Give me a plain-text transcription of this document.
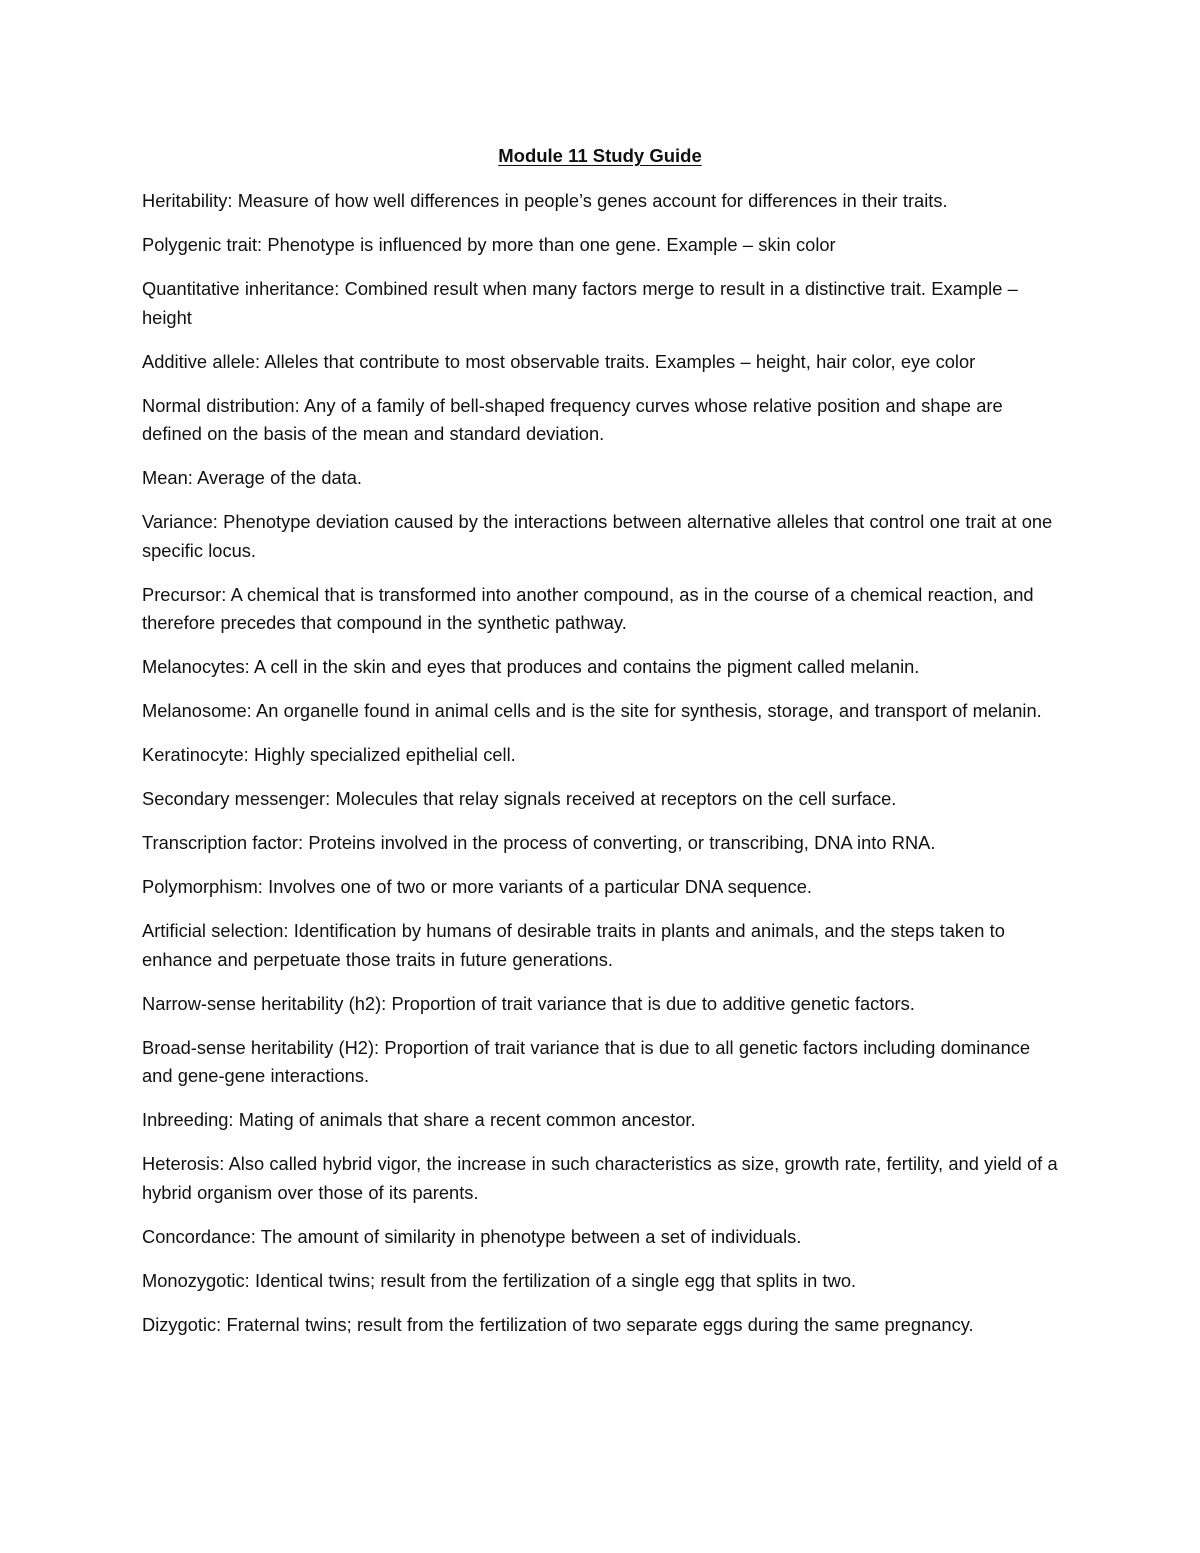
Module 11 Study Guide

Heritability: Measure of how well differences in people’s genes account for differences in their traits.

Polygenic trait: Phenotype is influenced by more than one gene. Example – skin color

Quantitative inheritance: Combined result when many factors merge to result in a distinctive trait. Example – height

Additive allele: Alleles that contribute to most observable traits. Examples – height, hair color, eye color

Normal distribution: Any of a family of bell-shaped frequency curves whose relative position and shape are defined on the basis of the mean and standard deviation.

Mean: Average of the data.

Variance: Phenotype deviation caused by the interactions between alternative alleles that control one trait at one specific locus.

Precursor: A chemical that is transformed into another compound, as in the course of a chemical reaction, and therefore precedes that compound in the synthetic pathway.

Melanocytes: A cell in the skin and eyes that produces and contains the pigment called melanin.

Melanosome: An organelle found in animal cells and is the site for synthesis, storage, and transport of melanin.

Keratinocyte: Highly specialized epithelial cell.

Secondary messenger: Molecules that relay signals received at receptors on the cell surface.

Transcription factor: Proteins involved in the process of converting, or transcribing, DNA into RNA.

Polymorphism: Involves one of two or more variants of a particular DNA sequence.

Artificial selection: Identification by humans of desirable traits in plants and animals, and the steps taken to enhance and perpetuate those traits in future generations.

Narrow-sense heritability (h2): Proportion of trait variance that is due to additive genetic factors.

Broad-sense heritability (H2): Proportion of trait variance that is due to all genetic factors including dominance and gene-gene interactions.

Inbreeding: Mating of animals that share a recent common ancestor.

Heterosis: Also called hybrid vigor, the increase in such characteristics as size, growth rate, fertility, and yield of a hybrid organism over those of its parents.

Concordance: The amount of similarity in phenotype between a set of individuals.

Monozygotic: Identical twins; result from the fertilization of a single egg that splits in two.

Dizygotic: Fraternal twins; result from the fertilization of two separate eggs during the same pregnancy.
